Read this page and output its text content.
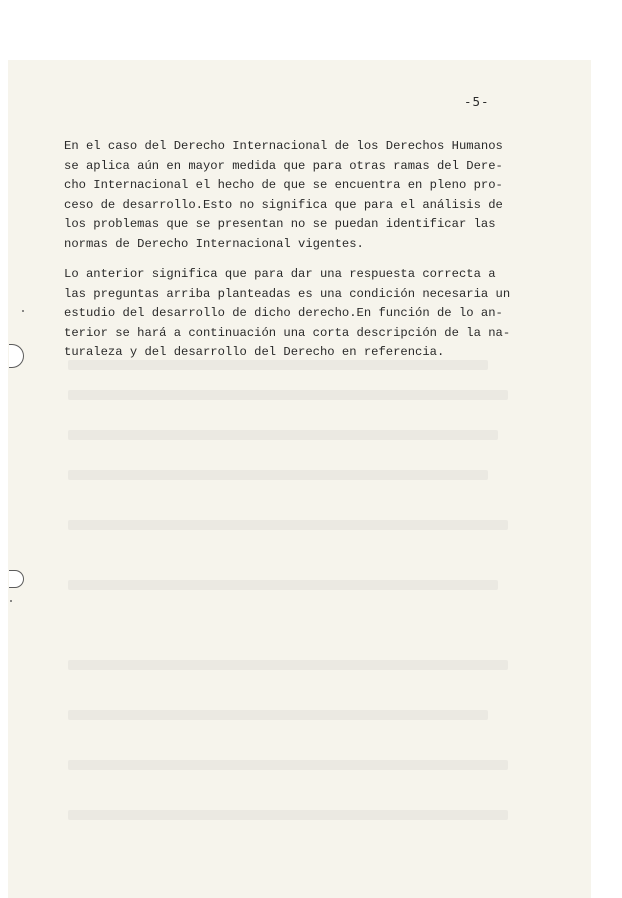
-5-
En el caso del Derecho Internacional de los Derechos Humanos
se aplica aún en mayor medida que para otras ramas del Dere-
cho Internacional el hecho de que se encuentra en pleno pro-
ceso de desarrollo.Esto no significa que para el análisis de
los problemas que se presentan no se puedan identificar las
normas de Derecho Internacional vigentes.
Lo anterior significa que para dar una respuesta correcta a
las preguntas arriba planteadas es una condición necesaria un
estudio del desarrollo de dicho derecho.En función de lo an-
terior se hará a continuación una corta descripción de la na-
turaleza y del desarrollo del Derecho en referencia.
